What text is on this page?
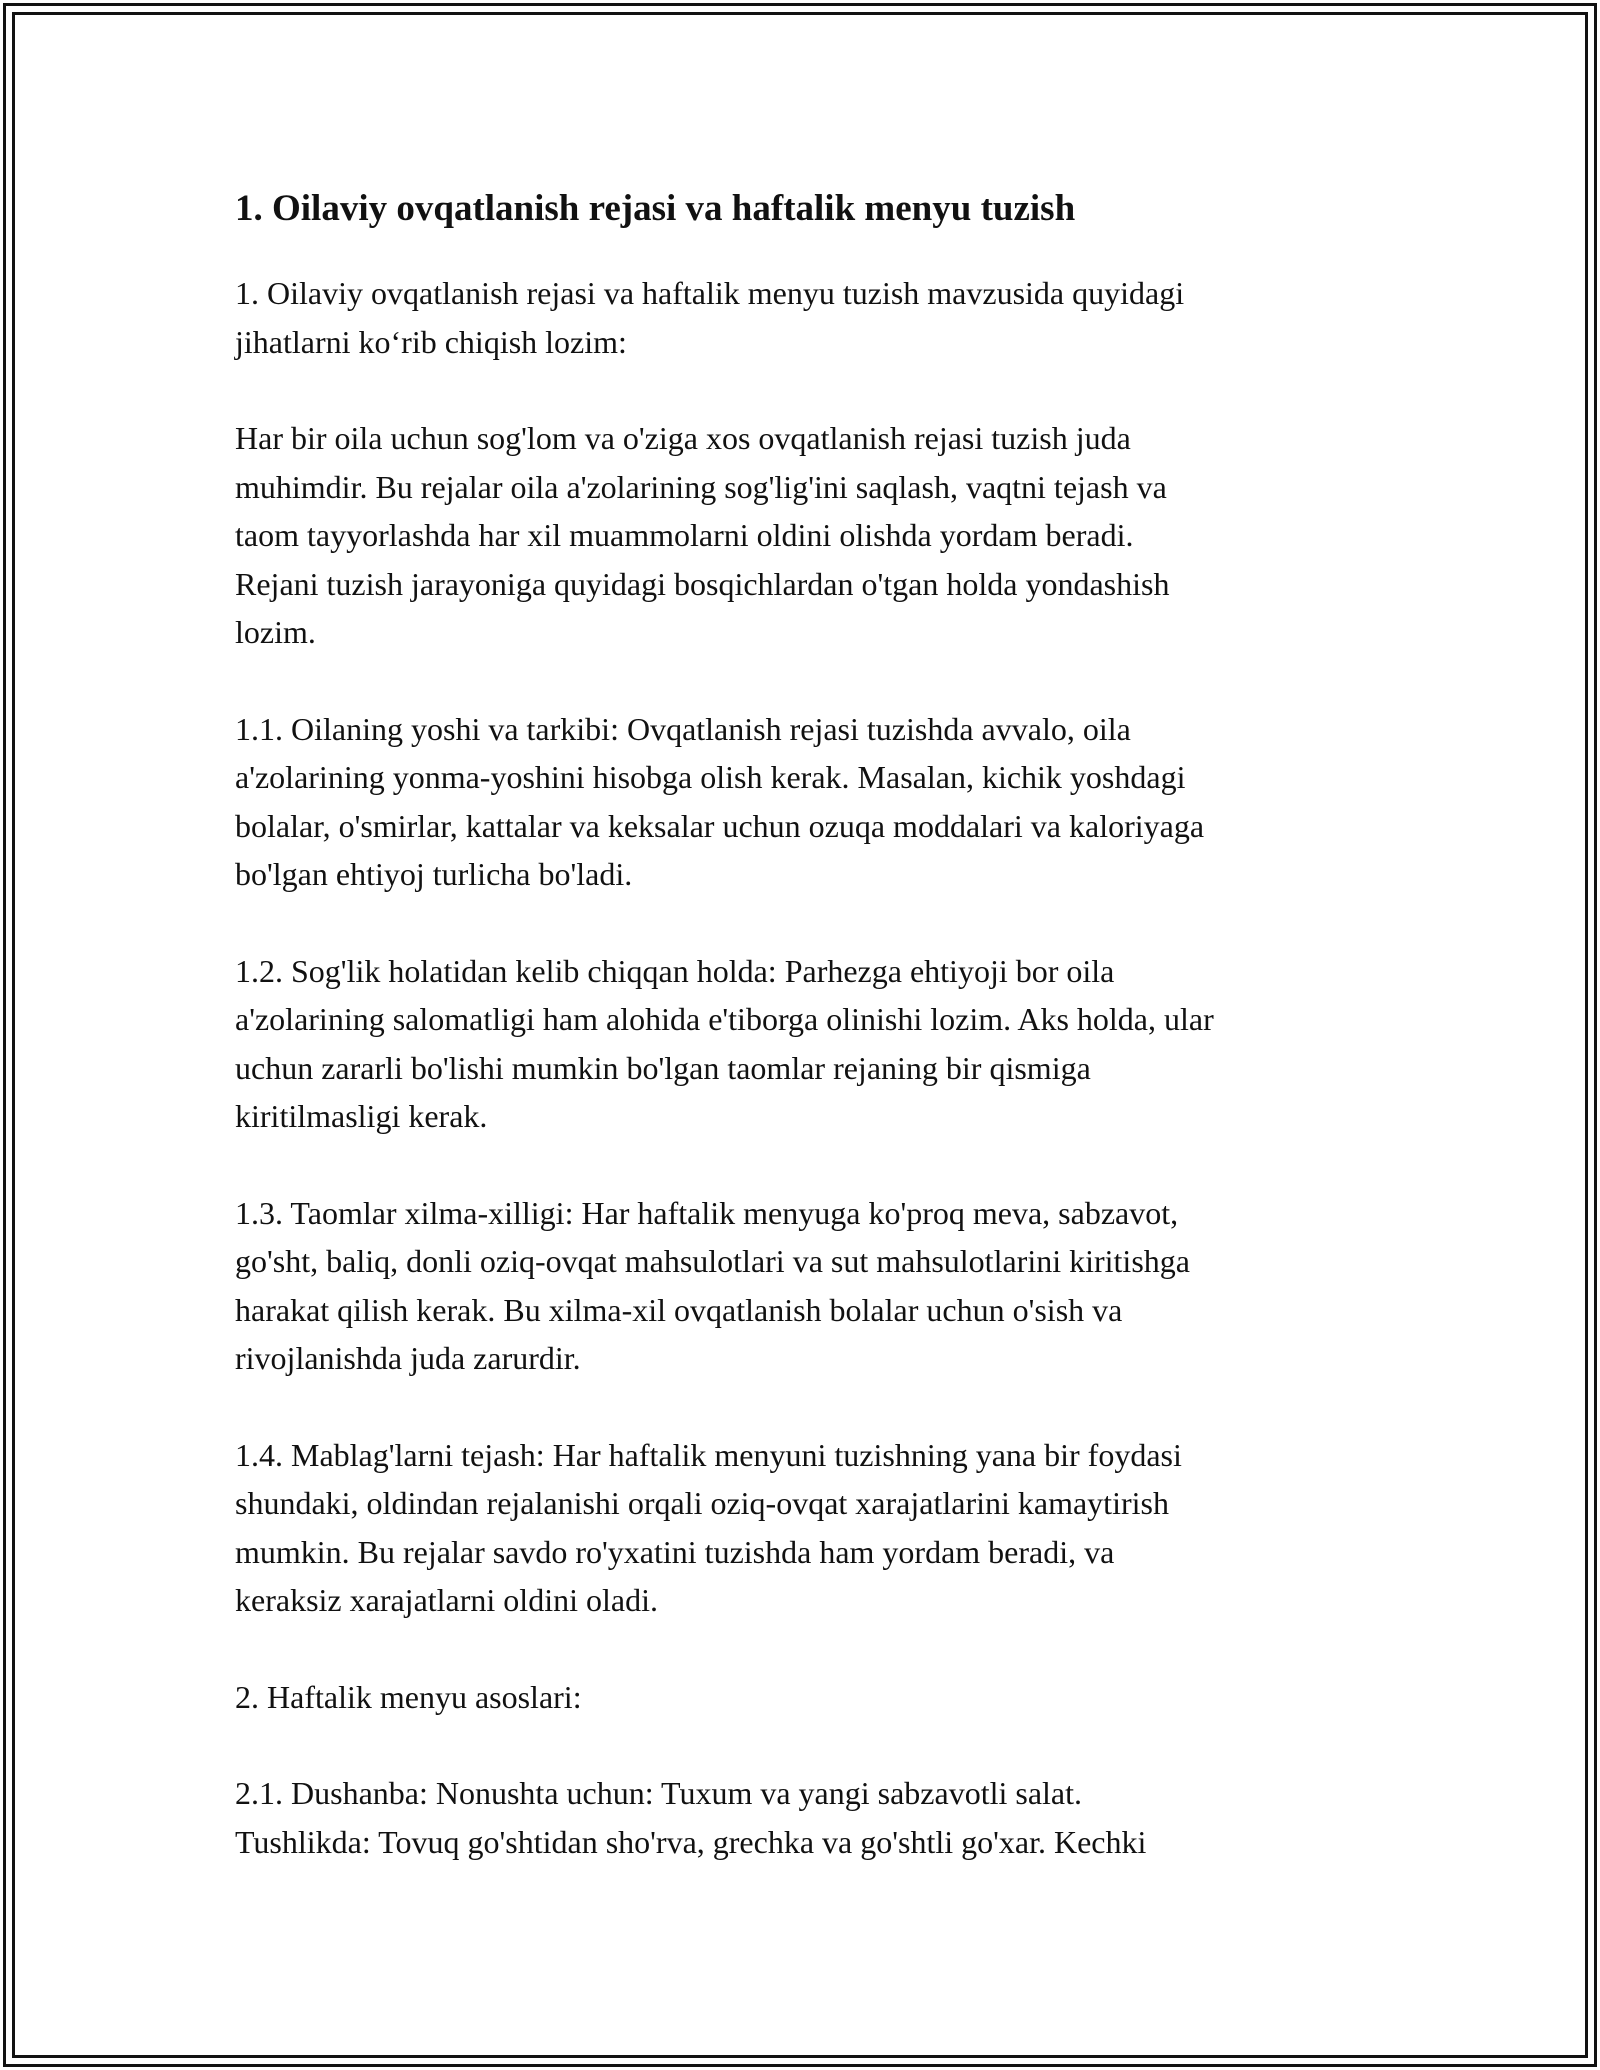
1. Oilaviy ovqatlanish rejasi va haftalik menyu tuzish

1. Oilaviy ovqatlanish rejasi va haftalik menyu tuzish mavzusida quyidagi
jihatlarni koʻrib chiqish lozim:

Har bir oila uchun sog'lom va o'ziga xos ovqatlanish rejasi tuzish juda
muhimdir. Bu rejalar oila a'zolarining sog'lig'ini saqlash, vaqtni tejash va
taom tayyorlashda har xil muammolarni oldini olishda yordam beradi.
Rejani tuzish jarayoniga quyidagi bosqichlardan o'tgan holda yondashish
lozim.

1.1. Oilaning yoshi va tarkibi: Ovqatlanish rejasi tuzishda avvalo, oila
a'zolarining yonma-yoshini hisobga olish kerak. Masalan, kichik yoshdagi
bolalar, o'smirlar, kattalar va keksalar uchun ozuqa moddalari va kaloriyaga
bo'lgan ehtiyoj turlicha bo'ladi.

1.2. Sog'lik holatidan kelib chiqqan holda: Parhezga ehtiyoji bor oila
a'zolarining salomatligi ham alohida e'tiborga olinishi lozim. Aks holda, ular
uchun zararli bo'lishi mumkin bo'lgan taomlar rejaning bir qismiga
kiritilmasligi kerak.

1.3. Taomlar xilma-xilligi: Har haftalik menyuga ko'proq meva, sabzavot,
go'sht, baliq, donli oziq-ovqat mahsulotlari va sut mahsulotlarini kiritishga
harakat qilish kerak. Bu xilma-xil ovqatlanish bolalar uchun o'sish va
rivojlanishda juda zarurdir.

1.4. Mablag'larni tejash: Har haftalik menyuni tuzishning yana bir foydasi
shundaki, oldindan rejalanishi orqali oziq-ovqat xarajatlarini kamaytirish
mumkin. Bu rejalar savdo ro'yxatini tuzishda ham yordam beradi, va
keraksiz xarajatlarni oldini oladi.

2. Haftalik menyu asoslari:

2.1. Dushanba: Nonushta uchun: Tuxum va yangi sabzavotli salat.
Tushlikda: Tovuq go'shtidan sho'rva, grechka va go'shtli go'xar. Kechki
